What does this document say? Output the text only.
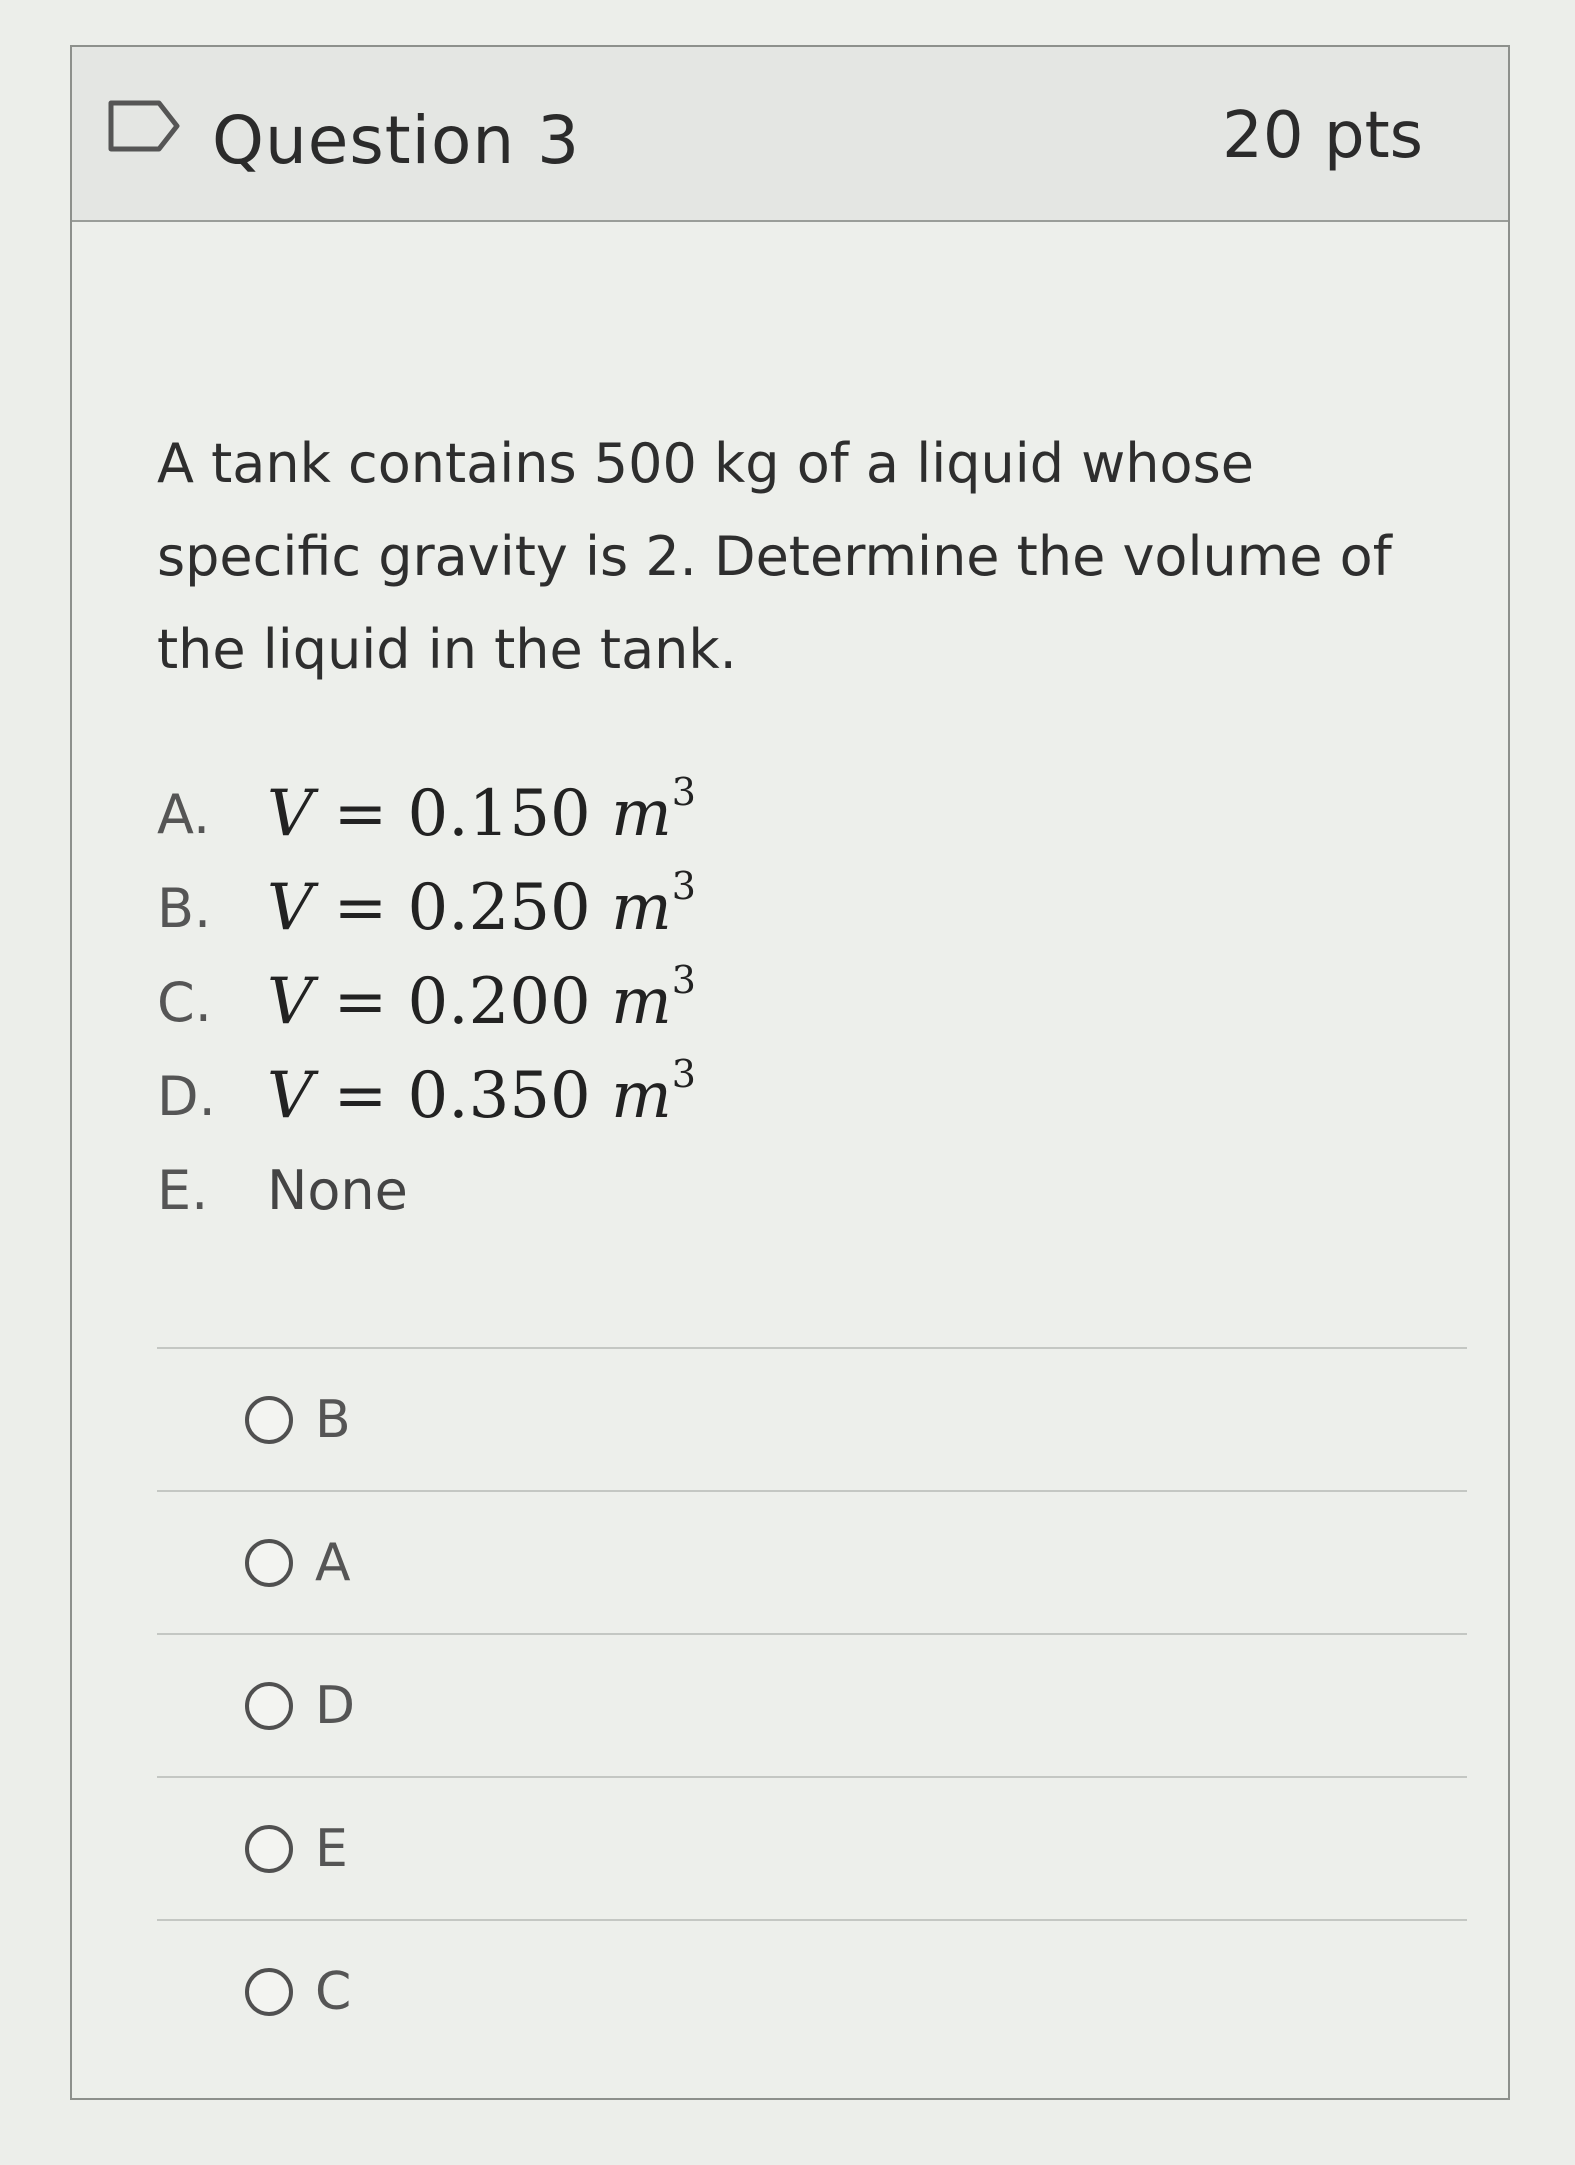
Question 3	20 pts
A tank contains 500 kg of a liquid whose specific gravity is 2. Determine the volume of the liquid in the tank.
A. V = 0.150 $m^3$
B. V = 0.250 $m^3$
C. V = 0.200 $m^3$
D. V = 0.350 $m^3$
E.	None
B
A
D
E
C
